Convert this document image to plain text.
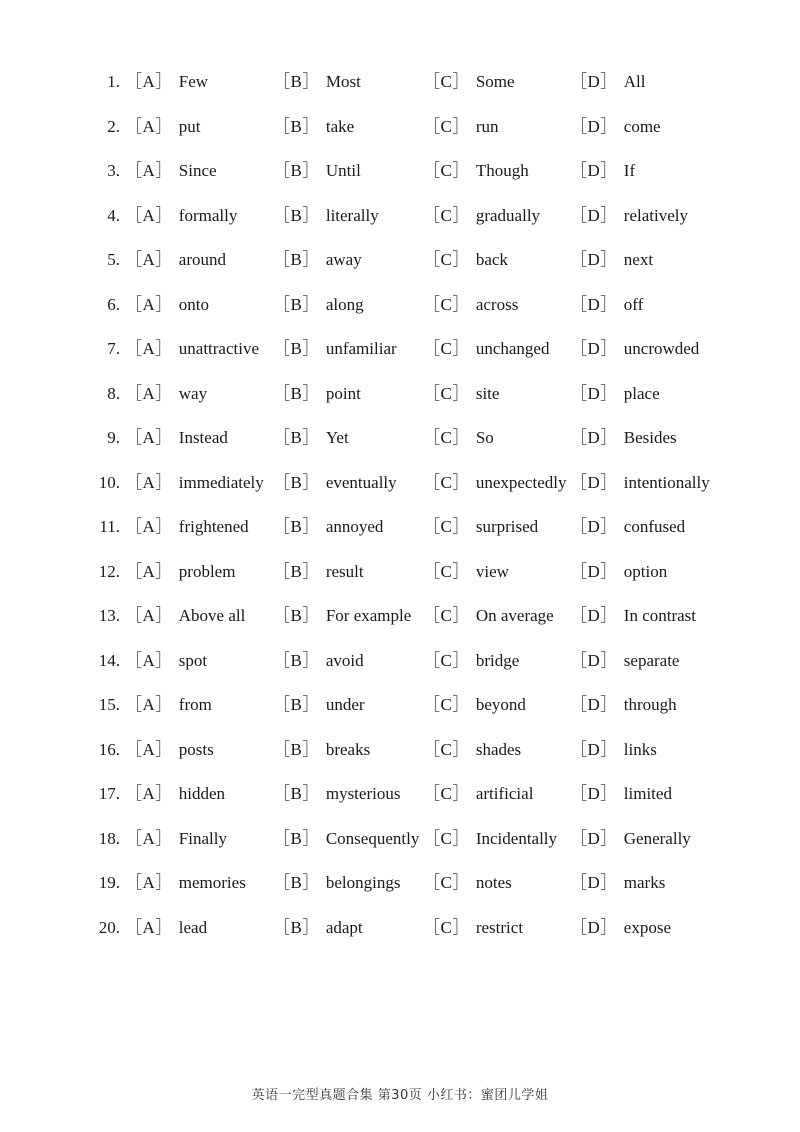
1. ［A］ Few	［B］ Most	［C］ Some	［D］ All
2. ［A］ put	［B］ take	［C］ run	［D］ come
3. ［A］ Since	［B］ Until	［C］ Though ［D］ If
4. ［A］ formally ［B］ literally	［C］ gradually ［D］ relatively
5. ［A］ around	［B］ away	［C］ back	［D］ next
6. ［A］ onto	［B］ along	［C］ across	［D］ off
7. ［A］ unattractive ［B］ unfamiliar ［C］ unchanged ［D］ uncrowded
8. ［A］ way	［B］ point	［C］ site	［D］ place
9. ［A］ Instead	［B］ Yet	［C］ So	［D］ Besides
10. ［A］ immediately ［B］ eventually ［C］ unexpectedly ［D］ intentionally
11. ［A］ frightened ［B］ annoyed ［C］ surprised ［D］ confused
12. ［A］ problem ［B］ result	［C］ view	［D］ option
13. ［A］ Above all ［B］ For example ［C］ On average ［D］ In contrast
14. ［A］ spot	［B］ avoid	［C］ bridge	［D］ separate
15. ［A］ from	［B］ under	［C］ beyond	［D］ through
16. ［A］ posts	［B］ breaks	［C］ shades	［D］ links
17. ［A］ hidden	［B］ mysterious ［C］ artificial ［D］ limited
18. ［A］ Finally	［B］ Consequently ［C］ Incidentally ［D］ Generally
19. ［A］ memories ［B］ belongings ［C］ notes	［D］ marks
20. ［A］ lead	［B］ adapt	［C］ restrict	［D］ expose
英语一完型真题合集 第30页 小红书：蜜团儿学姐
